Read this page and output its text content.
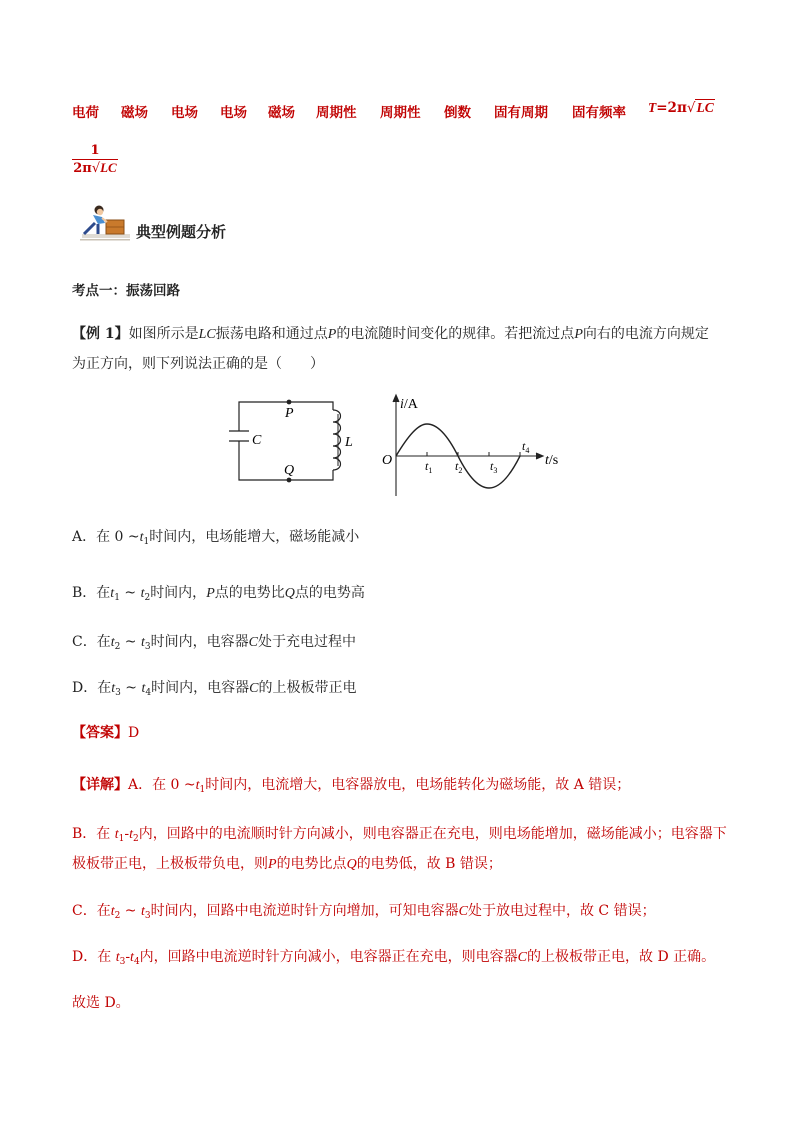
电荷 磁场 电场 电场 磁场 周期性 周期性 倒数 固有周期 固有频率 T=2π√LC
1
2π√LC
典型例题分析
考点一：振荡回路
【例 1】如图所示是LC振荡电路和通过点P的电流随时间变化的规律。若把流过点P向右的电流方向规定
为正方向，则下列说法正确的是（　　）
P
Q
C	L
i/A
O	t/s
$t_1$ $t_2$ $t_3$
$t_4$
A．在 0 $\sim t_1$时间内，电场能增大，磁场能减小
B．在$t_1$ ~ $t_2$时间内，P点的电势比Q点的电势高
C．在$t_2$ ~ $t_3$时间内，电容器C处于充电过程中
D．在$t_3$ ~ $t_4$时间内，电容器C的上极板带正电
【答案】D
【详解】A．在 0 $\sim t_1$时间内，电流增大，电容器放电，电场能转化为磁场能，故 A 错误；
B．在 $t_1-t_2$内，回路中的电流顺时针方向减小，则电容器正在充电，则电场能增加，磁场能减小；电容器下
极板带正电，上极板带负电，则P的电势比点Q的电势低，故 B 错误；
C．在$t_2$ ~ $t_3$时间内，回路中电流逆时针方向增加，可知电容器C处于放电过程中，故 C 错误；
D．在 $t_3-t_4$内，回路中电流逆时针方向减小，电容器正在充电，则电容器C的上极板带正电，故 D 正确。
故选 D。
